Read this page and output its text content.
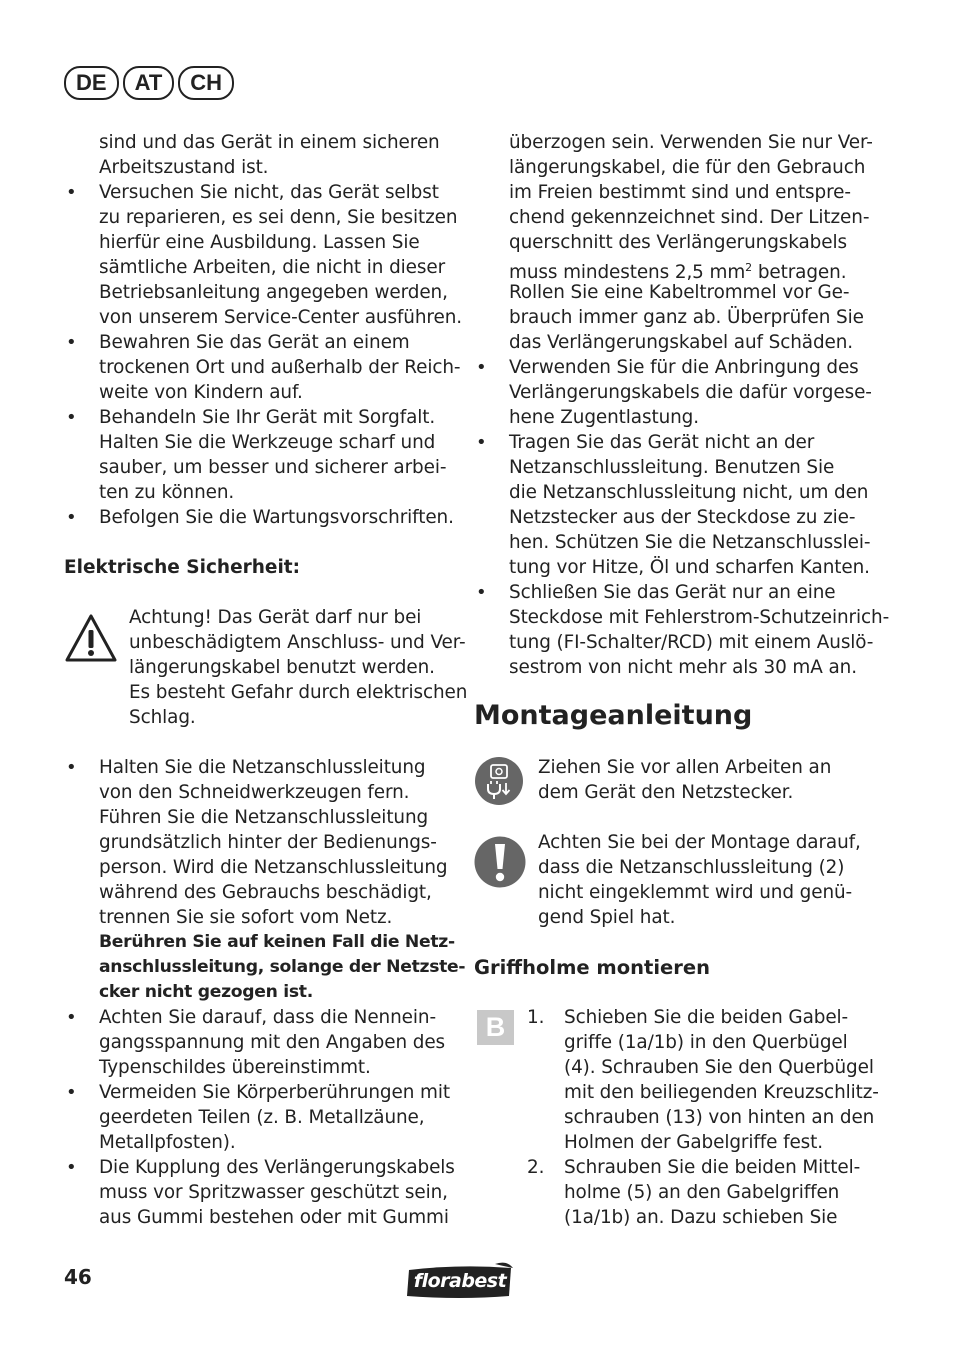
DE AT CH
sind und das Gerät in einem sicheren
Arbeitszustand ist.
• Versuchen Sie nicht, das Gerät selbst
zu reparieren, es sei denn, Sie besitzen
hierfür eine Ausbildung. Lassen Sie
sämtliche Arbeiten, die nicht in dieser
Betriebsanleitung angegeben werden,
von unserem Service-Center ausführen.
• Bewahren Sie das Gerät an einem
trockenen Ort und außerhalb der Reich-
weite von Kindern auf.
• Behandeln Sie Ihr Gerät mit Sorgfalt.
Halten Sie die Werkzeuge scharf und
sauber, um besser und sicherer arbei-
ten zu können.
• Befolgen Sie die Wartungsvorschriften.
Elektrische Sicherheit:
Achtung! Das Gerät darf nur bei
unbeschädigtem Anschluss- und Ver-
längerungskabel benutzt werden.
Es besteht Gefahr durch elektrischen
Schlag.
• Halten Sie die Netzanschlussleitung
von den Schneidwerkzeugen fern.
Führen Sie die Netzanschlussleitung
grundsätzlich hinter der Bedienungs-
person. Wird die Netzanschlussleitung
während des Gebrauchs beschädigt,
trennen Sie sie sofort vom Netz.
Berühren Sie auf keinen Fall die Netz-
anschlussleitung, solange der Netzste-
cker nicht gezogen ist.
• Achten Sie darauf, dass die Nennein-
gangsspannung mit den Angaben des
Typenschildes übereinstimmt.
• Vermeiden Sie Körperberührungen mit
geerdeten Teilen (z. B. Metallzäune,
Metallpfosten).
• Die Kupplung des Verlängerungskabels
muss vor Spritzwasser geschützt sein,
aus Gummi bestehen oder mit Gummi
überzogen sein. Verwenden Sie nur Ver-
längerungskabel, die für den Gebrauch
im Freien bestimmt sind und entspre-
chend gekennzeichnet sind. Der Litzen-
querschnitt des Verlängerungskabels
muss mindestens 2,5 $mm^2$ betragen.
Rollen Sie eine Kabeltrommel vor Ge-
brauch immer ganz ab. Überprüfen Sie
das Verlängerungskabel auf Schäden.
• Verwenden Sie für die Anbringung des
Verlängerungskabels die dafür vorgese-
hene Zugentlastung.
• Tragen Sie das Gerät nicht an der
Netzanschlussleitung. Benutzen Sie
die Netzanschlussleitung nicht, um den
Netzstecker aus der Steckdose zu zie-
hen. Schützen Sie die Netzanschlusslei-
tung vor Hitze, Öl und scharfen Kanten.
• Schließen Sie das Gerät nur an eine
Steckdose mit Fehlerstrom-Schutzeinrich-
tung (FI-Schalter/RCD) mit einem Auslö-
sestrom von nicht mehr als 30 mA an.
Montageanleitung
Ziehen Sie vor allen Arbeiten an
dem Gerät den Netzstecker.
Achten Sie bei der Montage darauf,
dass die Netzanschlussleitung (2)
nicht eingeklemmt wird und genü-
gend Spiel hat.
Griffholme montieren
B	1. Schieben Sie die beiden Gabel-
griffe (1a/1b) in den Querbügel
(4). Schrauben Sie den Querbügel
mit den beiliegenden Kreuzschlitz-
schrauben (13) von hinten an den
Holmen der Gabelgriffe fest.
2. Schrauben Sie die beiden Mittel-
holme (5) an den Gabelgriffen
(1a/1b) an. Dazu schieben Sie
46	florabest
